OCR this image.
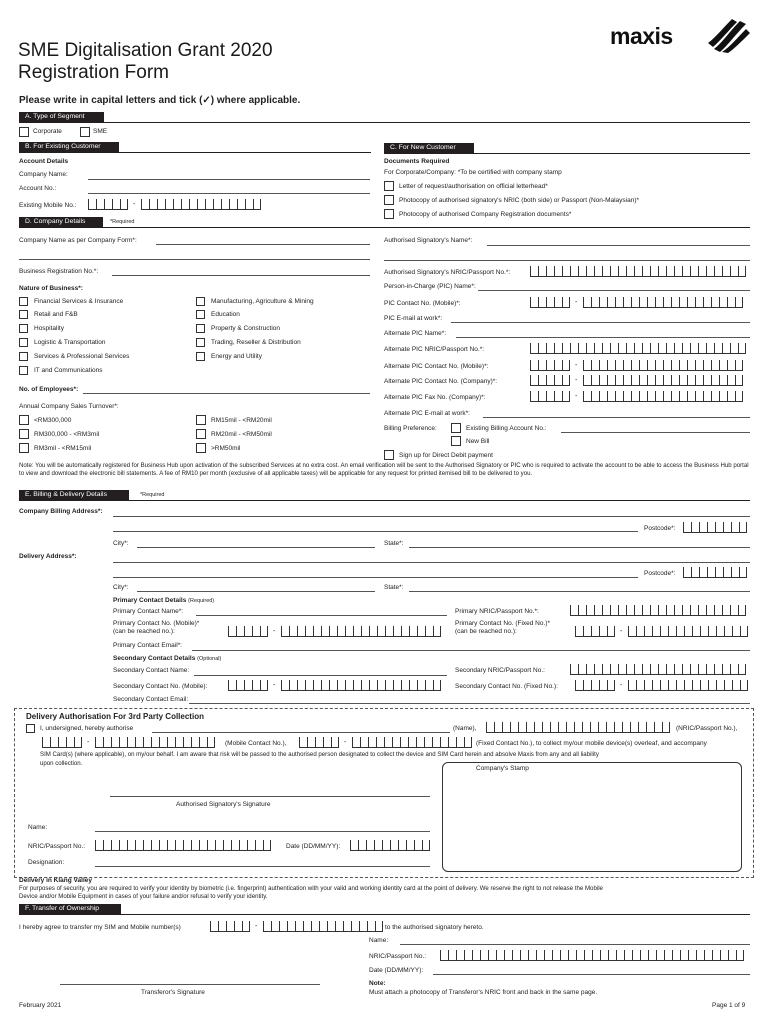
SME Digitalisation Grant 2020
Registration Form
maxis
Please write in capital letters and tick (✓) where applicable.
A. Type of Segment
Corporate	SME
B. For Existing Customer
Account Details
Company Name:
Account No.:
Existing Mobile No.:	-
C. For New Customer
Documents Required
For Corporate/Company: *To be certified with company stamp
Letter of request/authorisation on official letterhead*
Photocopy of authorised signatory's NRIC (both side) or Passport (Non-Malaysian)*
Photocopy of authorised Company Registration documents*
D. Company Details	*Required
Company Name as per Company Form*:
Business Registration No.*:
Nature of Business*:
Financial Services & Insurance
Retail and F&B
Hospitality
Logistic & Transportation
Services & Professional Services
IT and Communications
Manufacturing, Agriculture & Mining
Education
Property & Construction
Trading, Reseller & Distribution
Energy and Utility
No. of Employees*:
Annual Company Sales Turnover*:
<RM300,000
RM300,000 - <RM3mil
RM3mil - <RM15mil
RM15mil - <RM20mil
RM20mil - <RM50mil
>RM50mil
Authorised Signatory's Name*:
Authorised Signatory's NRIC/Passport No.*:
Person-in-Charge (PIC) Name*:
PIC Contact No. (Mobile)*:	-
PIC E-mail at work*:
Alternate PIC Name*:
Alternate PIC NRIC/Passport No.*:
Alternate PIC Contact No. (Mobile)*:	-
Alternate PIC Contact No. (Company)*:	-
Alternate PIC Fax No. (Company)*:	-
Alternate PIC E-mail at work*:
Billing Preference:	Existing Billing Account No.:
New Bill
Sign up for Direct Debit payment
Note: You will be automatically registered for Business Hub upon activation of the subscribed Services at no extra cost. An email verification will be sent to the Authorised Signatory or PIC who is required to activate the account to be able to access the Business Hub portal to view and download the electronic bill statements. A fee of RM10 per month (exclusive of all applicable taxes) will be applicable for any request for printed itemised bill to be delivered to you.
E. Billing & Delivery Details	*Required
Company Billing Address*:
Postcode*:
City*:	State*:
Delivery Address*:
Postcode*:
City*:	State*:
Primary Contact Details (Required)
Primary Contact Name*:	Primary NRIC/Passport No.*:
Primary Contact No. (Mobile)*
(can be reached no.):	-
Primary Contact No. (Fixed No.)*
(can be reached no.):	-
Primary Contact Email*:
Secondary Contact Details (Optional)
Secondary Contact Name:	Secondary NRIC/Passport No.:
Secondary Contact No. (Mobile):	-	Secondary Contact No. (Fixed No.):	-
Secondary Contact Email:
Delivery Authorisation For 3rd Party Collection
I, undersigned, hereby authorise	(Name),	(NRIC/Passport No.),
-	(Mobile Contact No.),	-	(Fixed Contact No.), to collect my/our mobile device(s) overleaf, and accompany
SIM Card(s) (where applicable), on my/our behalf. I am aware that risk will be passed to the authorised person designated to collect the device and SIM Card herein and absolve Maxis from any and all liability
upon collection.
Company's Stamp
Authorised Signatory's Signature
Name:
NRIC/Passport No.:	Date (DD/MM/YY):
Designation:
Delivery in Klang Valley
For purposes of security, you are required to verify your identity by biometric (i.e. fingerprint) authentication with your valid and working identity card at the point of delivery. We reserve the right to not release the Mobile
Device and/or Mobile Equipment in cases of your failure and/or refusal to verify your identity.
F. Transfer of Ownership
I hereby agree to transfer my SIM and Mobile number(s)	-	to the authorised signatory hereto.
Name:
NRIC/Passport No.:
Date (DD/MM/YY):
Transferor's Signature
Note:
Must attach a photocopy of Transferor's NRIC front and back in the same page.
February 2021	Page 1 of 9
